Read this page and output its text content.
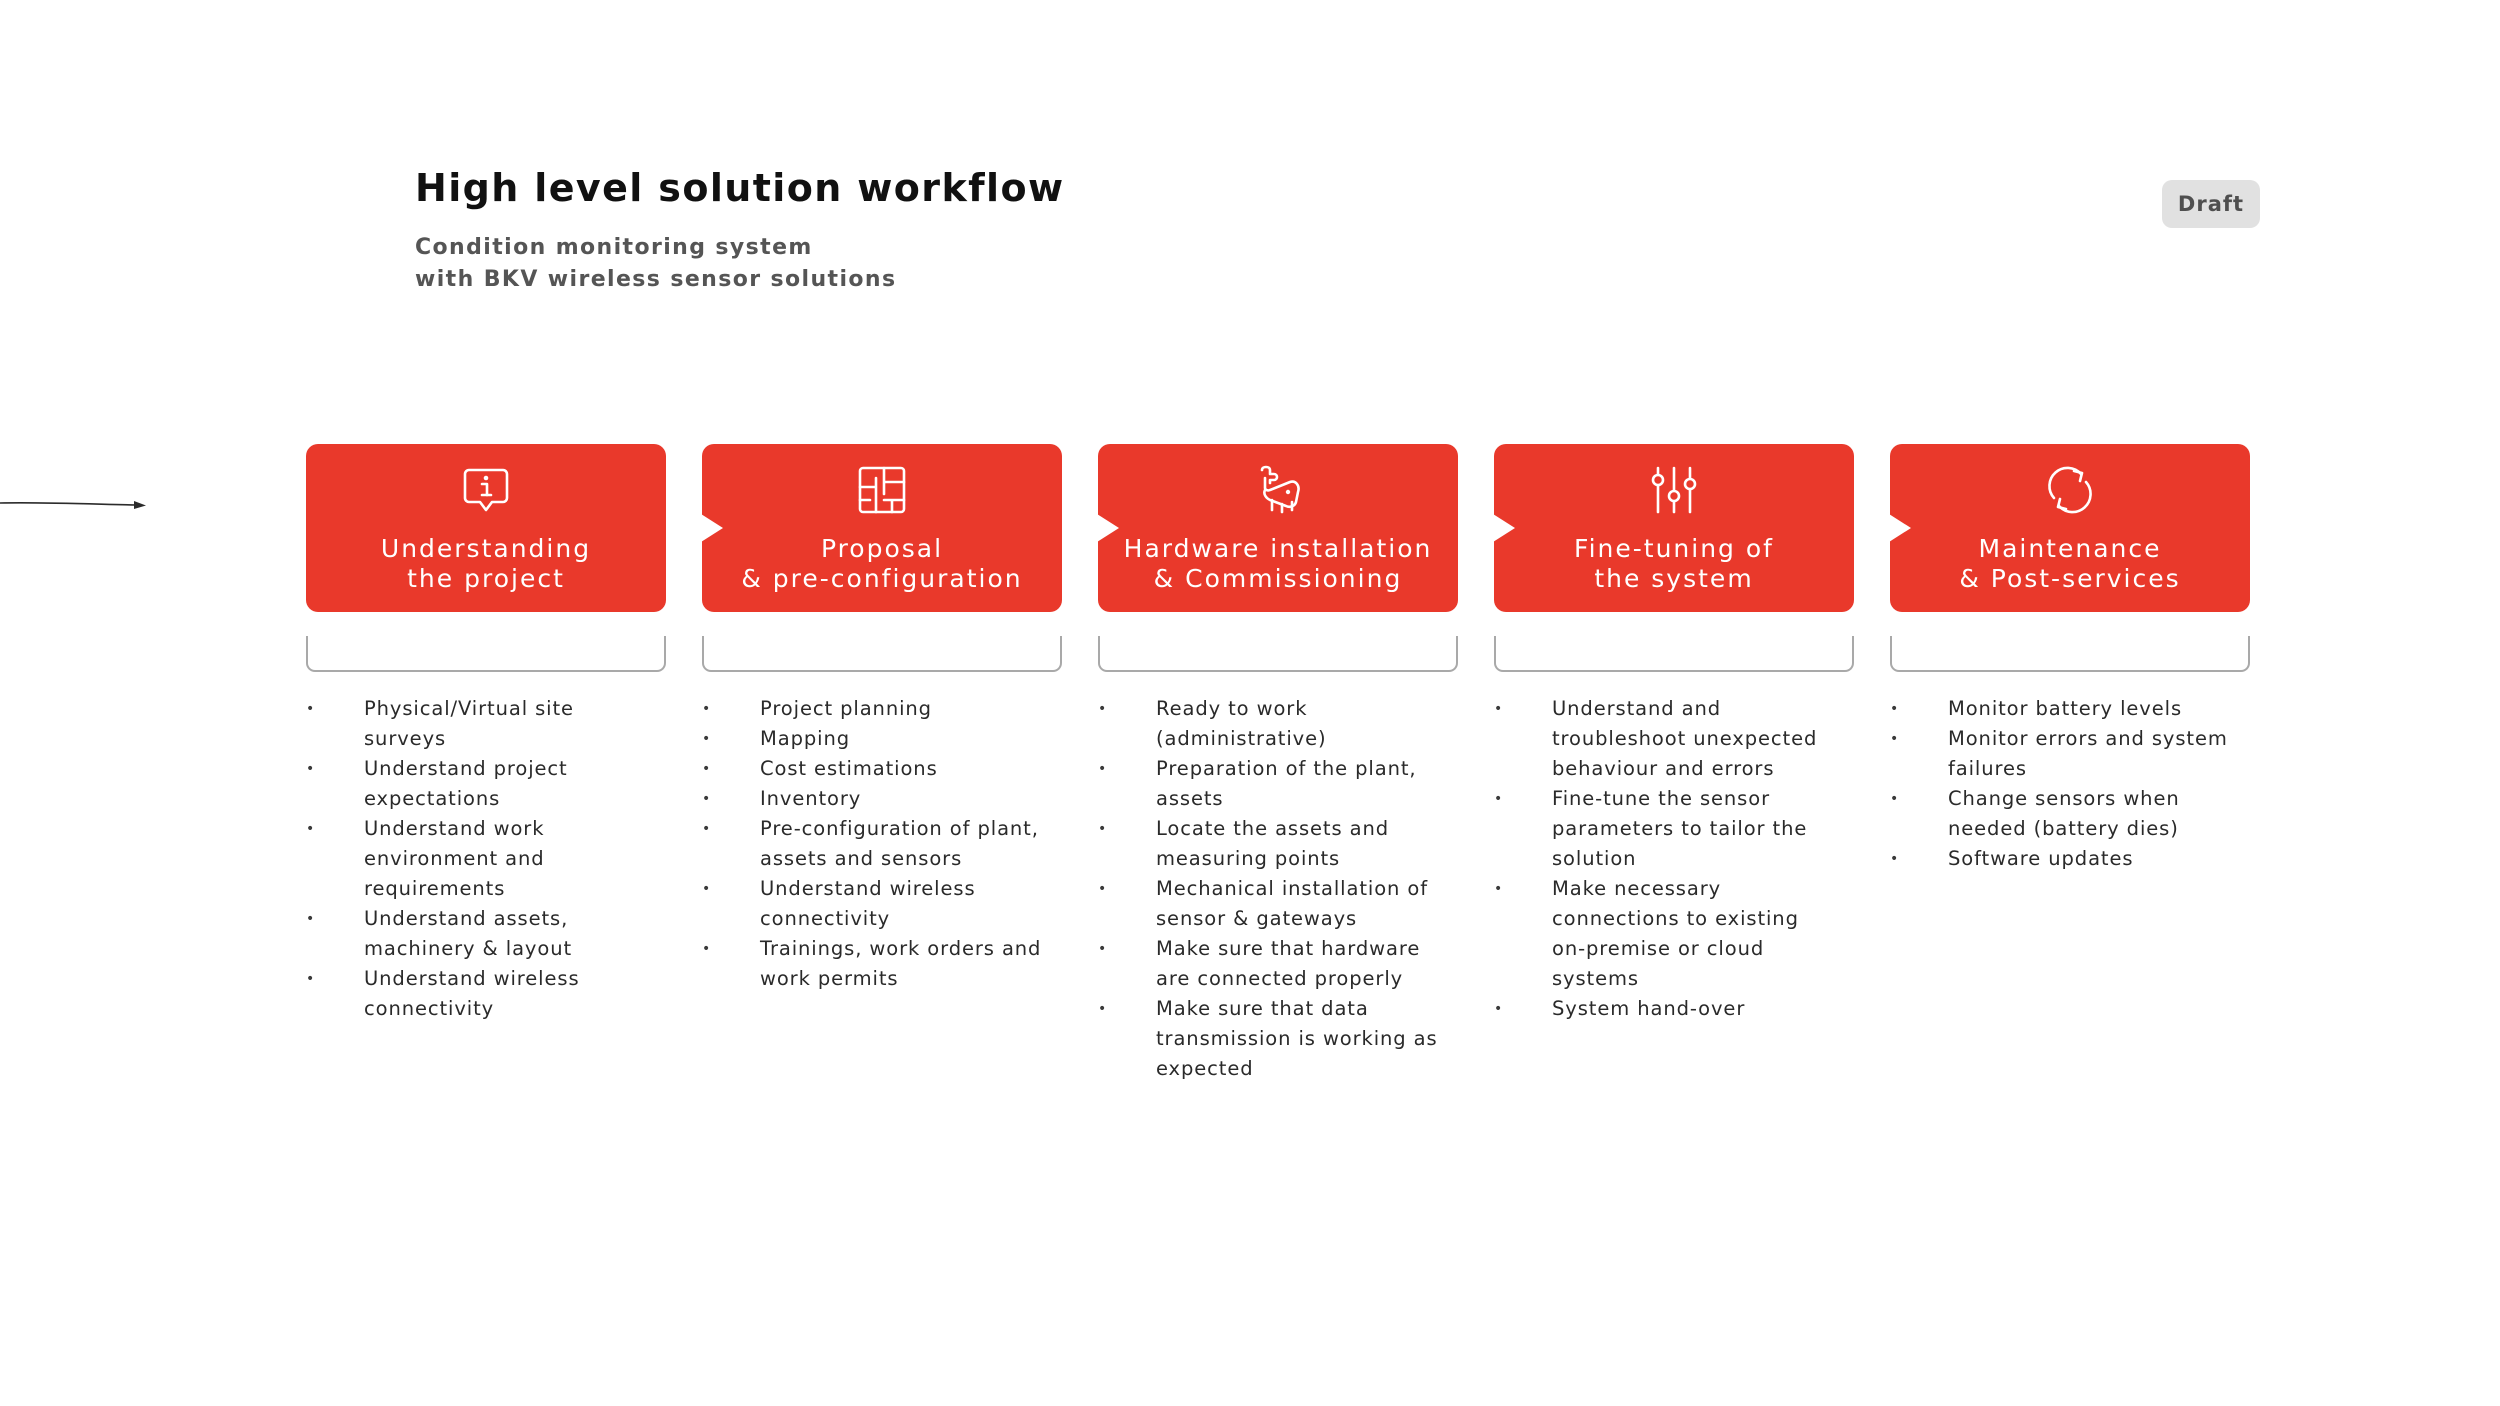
High level solution workflow
Condition monitoring system
with BKV wireless sensor solutions
Draft
Understanding
the project
• Physical/Virtual site surveys
• Understand project expectations
• Understand work environment and requirements
• Understand assets, machinery & layout
• Understand wireless connectivity
Proposal
& pre-configuration
• Project planning
• Mapping
• Cost estimations
• Inventory
• Pre-configuration of plant, assets and sensors
• Understand wireless connectivity
• Trainings, work orders and work permits
Hardware installation
& Commissioning
• Ready to work (administrative)
• Preparation of the plant, assets
• Locate the assets and measuring points
• Mechanical installation of sensor & gateways
• Make sure that hardware are connected properly
• Make sure that data transmission is working as expected
Fine-tuning of
the system
• Understand and troubleshoot unexpected behaviour and errors
• Fine-tune the sensor parameters to tailor the solution
• Make necessary connections to existing on-premise or cloud systems
• System hand-over
Maintenance
& Post-services
• Monitor battery levels
• Monitor errors and system failures
• Change sensors when needed (battery dies)
• Software updates
